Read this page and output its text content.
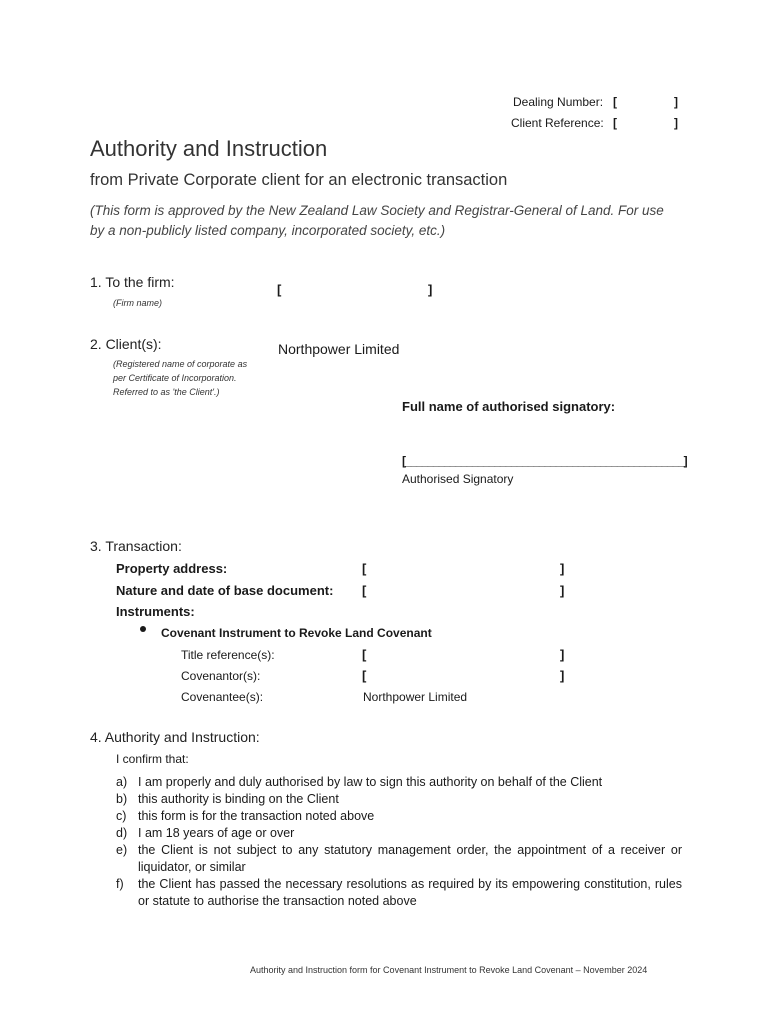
Dealing Number: [	]
Client Reference: [	]
Authority and Instruction
from Private Corporate client for an electronic transaction
(This form is approved by the New Zealand Law Society and Registrar-General of Land. For use by a non-publicly listed company, incorporated society, etc.)
1. To the firm:
(Firm name)
[	]
2. Client(s):
(Registered name of corporate as
per Certificate of Incorporation.
Referred to as 'the Client'.)
Northpower Limited
Full name of authorised signatory:
[__________________________________________________]
Authorised Signatory
3. Transaction:
Property address:	[	]
Nature and date of base document: [	]
Instruments:
Covenant Instrument to Revoke Land Covenant
Title reference(s):	[	]
Covenantor(s):	[	]
Covenantee(s):	Northpower Limited
4. Authority and Instruction:
I confirm that:
a) I am properly and duly authorised by law to sign this authority on behalf of the Client
b) this authority is binding on the Client
c) this form is for the transaction noted above
d) I am 18 years of age or over
e) the Client is not subject to any statutory management order, the appointment of a receiver or liquidator, or similar
f) the Client has passed the necessary resolutions as required by its empowering constitution, rules or statute to authorise the transaction noted above
Authority and Instruction form for Covenant Instrument to Revoke Land Covenant – November 2024
